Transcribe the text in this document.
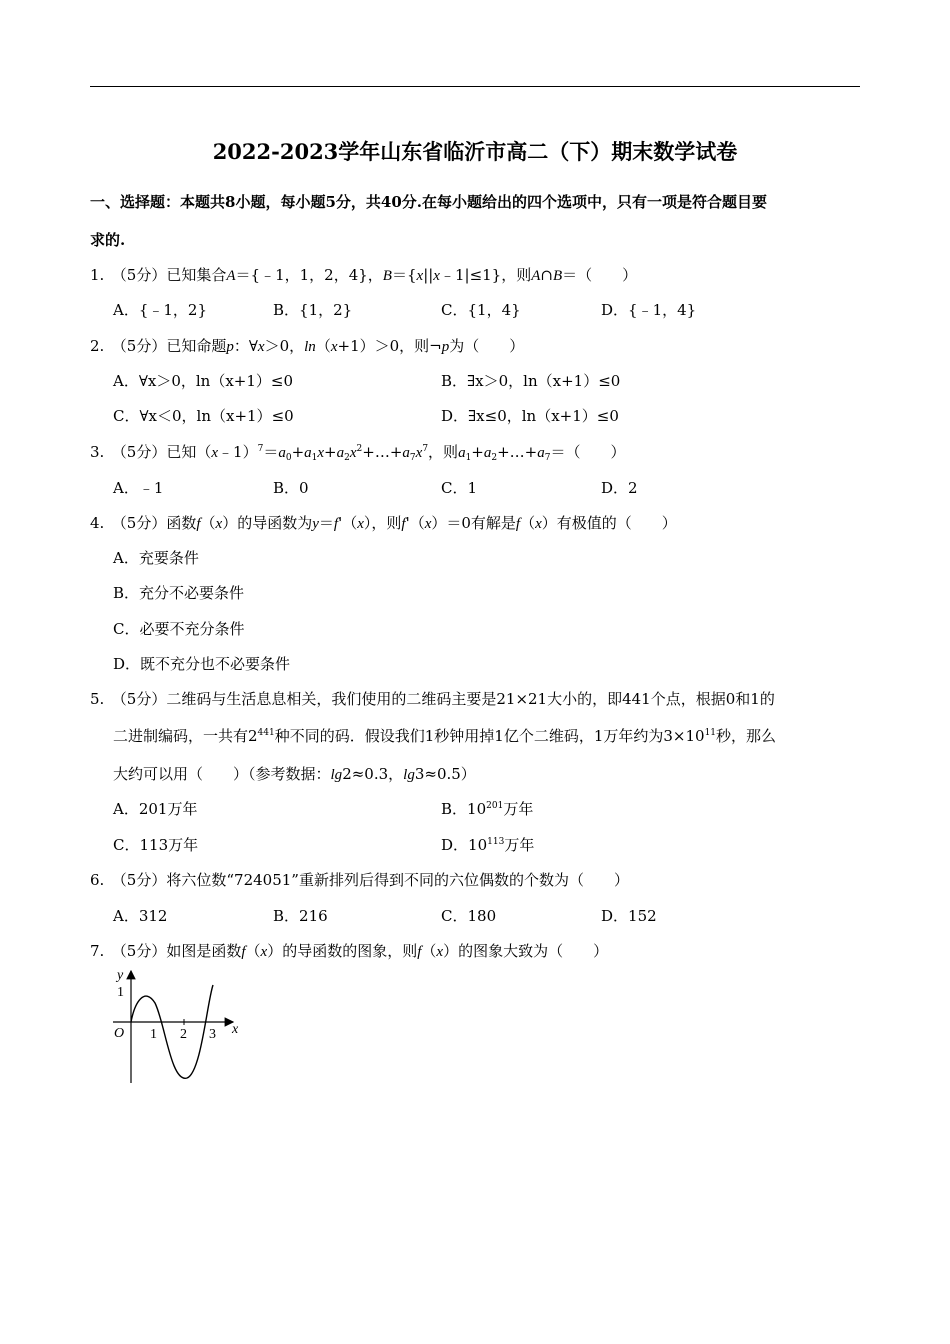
2022-2023学年山东省临沂市高二（下）期末数学试卷
一、选择题：本题共8小题，每小题5分，共40分.在每小题给出的四个选项中，只有一项是符合题目要
求的.
1.　（5分）已知集合A＝{﹣1，1，2，4}，B＝{x||x﹣1|≤1}，则A∩B＝（　　）
A．{﹣1，2}	B．{1，2}	C．{1，4}	D．{﹣1，4}
2.　（5分）已知命题p：∀x＞0，ln（x+1）＞0，则¬p为（　　）
A．∀x＞0，ln（x+1）≤0	B．∃x＞0，ln（x+1）≤0
C．∀x＜0，ln（x+1）≤0	D．∃x≤0，ln（x+1）≤0
3.　（5分）已知$(x﹣1)^7=a_0+a_1x+a_2x^2+\dots+a_7x^7$，则$a_1+a_2+\dots+a_7=$（　　）
A．﹣1	B．0	C．1	D．2
4.　（5分）函数f（x）的导函数为y＝f'（x），则f'（x）＝0有解是f（x）有极值的（　　）
A．充要条件
B．充分不必要条件
C．必要不充分条件
D．既不充分也不必要条件
5.　（5分）二维码与生活息息相关，我们使用的二维码主要是21×21大小的，即441个点，根据0和1的
二进制编码，一共有$2^{441}$种不同的码．假设我们1秒钟用掉1亿个二维码，1万年约为$3\times 10^{11}$秒，那么
大约可以用（　　）（参考数据：lg2≈0.3，lg3≈0.5）
A．201万年	B．$10^{201}$万年
C．113万年	D．$10^{113}$万年
6.　（5分）将六位数“724051”重新排列后得到不同的六位偶数的个数为（　　）
A．312	B．216	C．180	D．152
7.　（5分）如图是函数f（x）的导函数的图象，则f（x）的图象大致为（　　）
y
1
O 1 2 3 x
